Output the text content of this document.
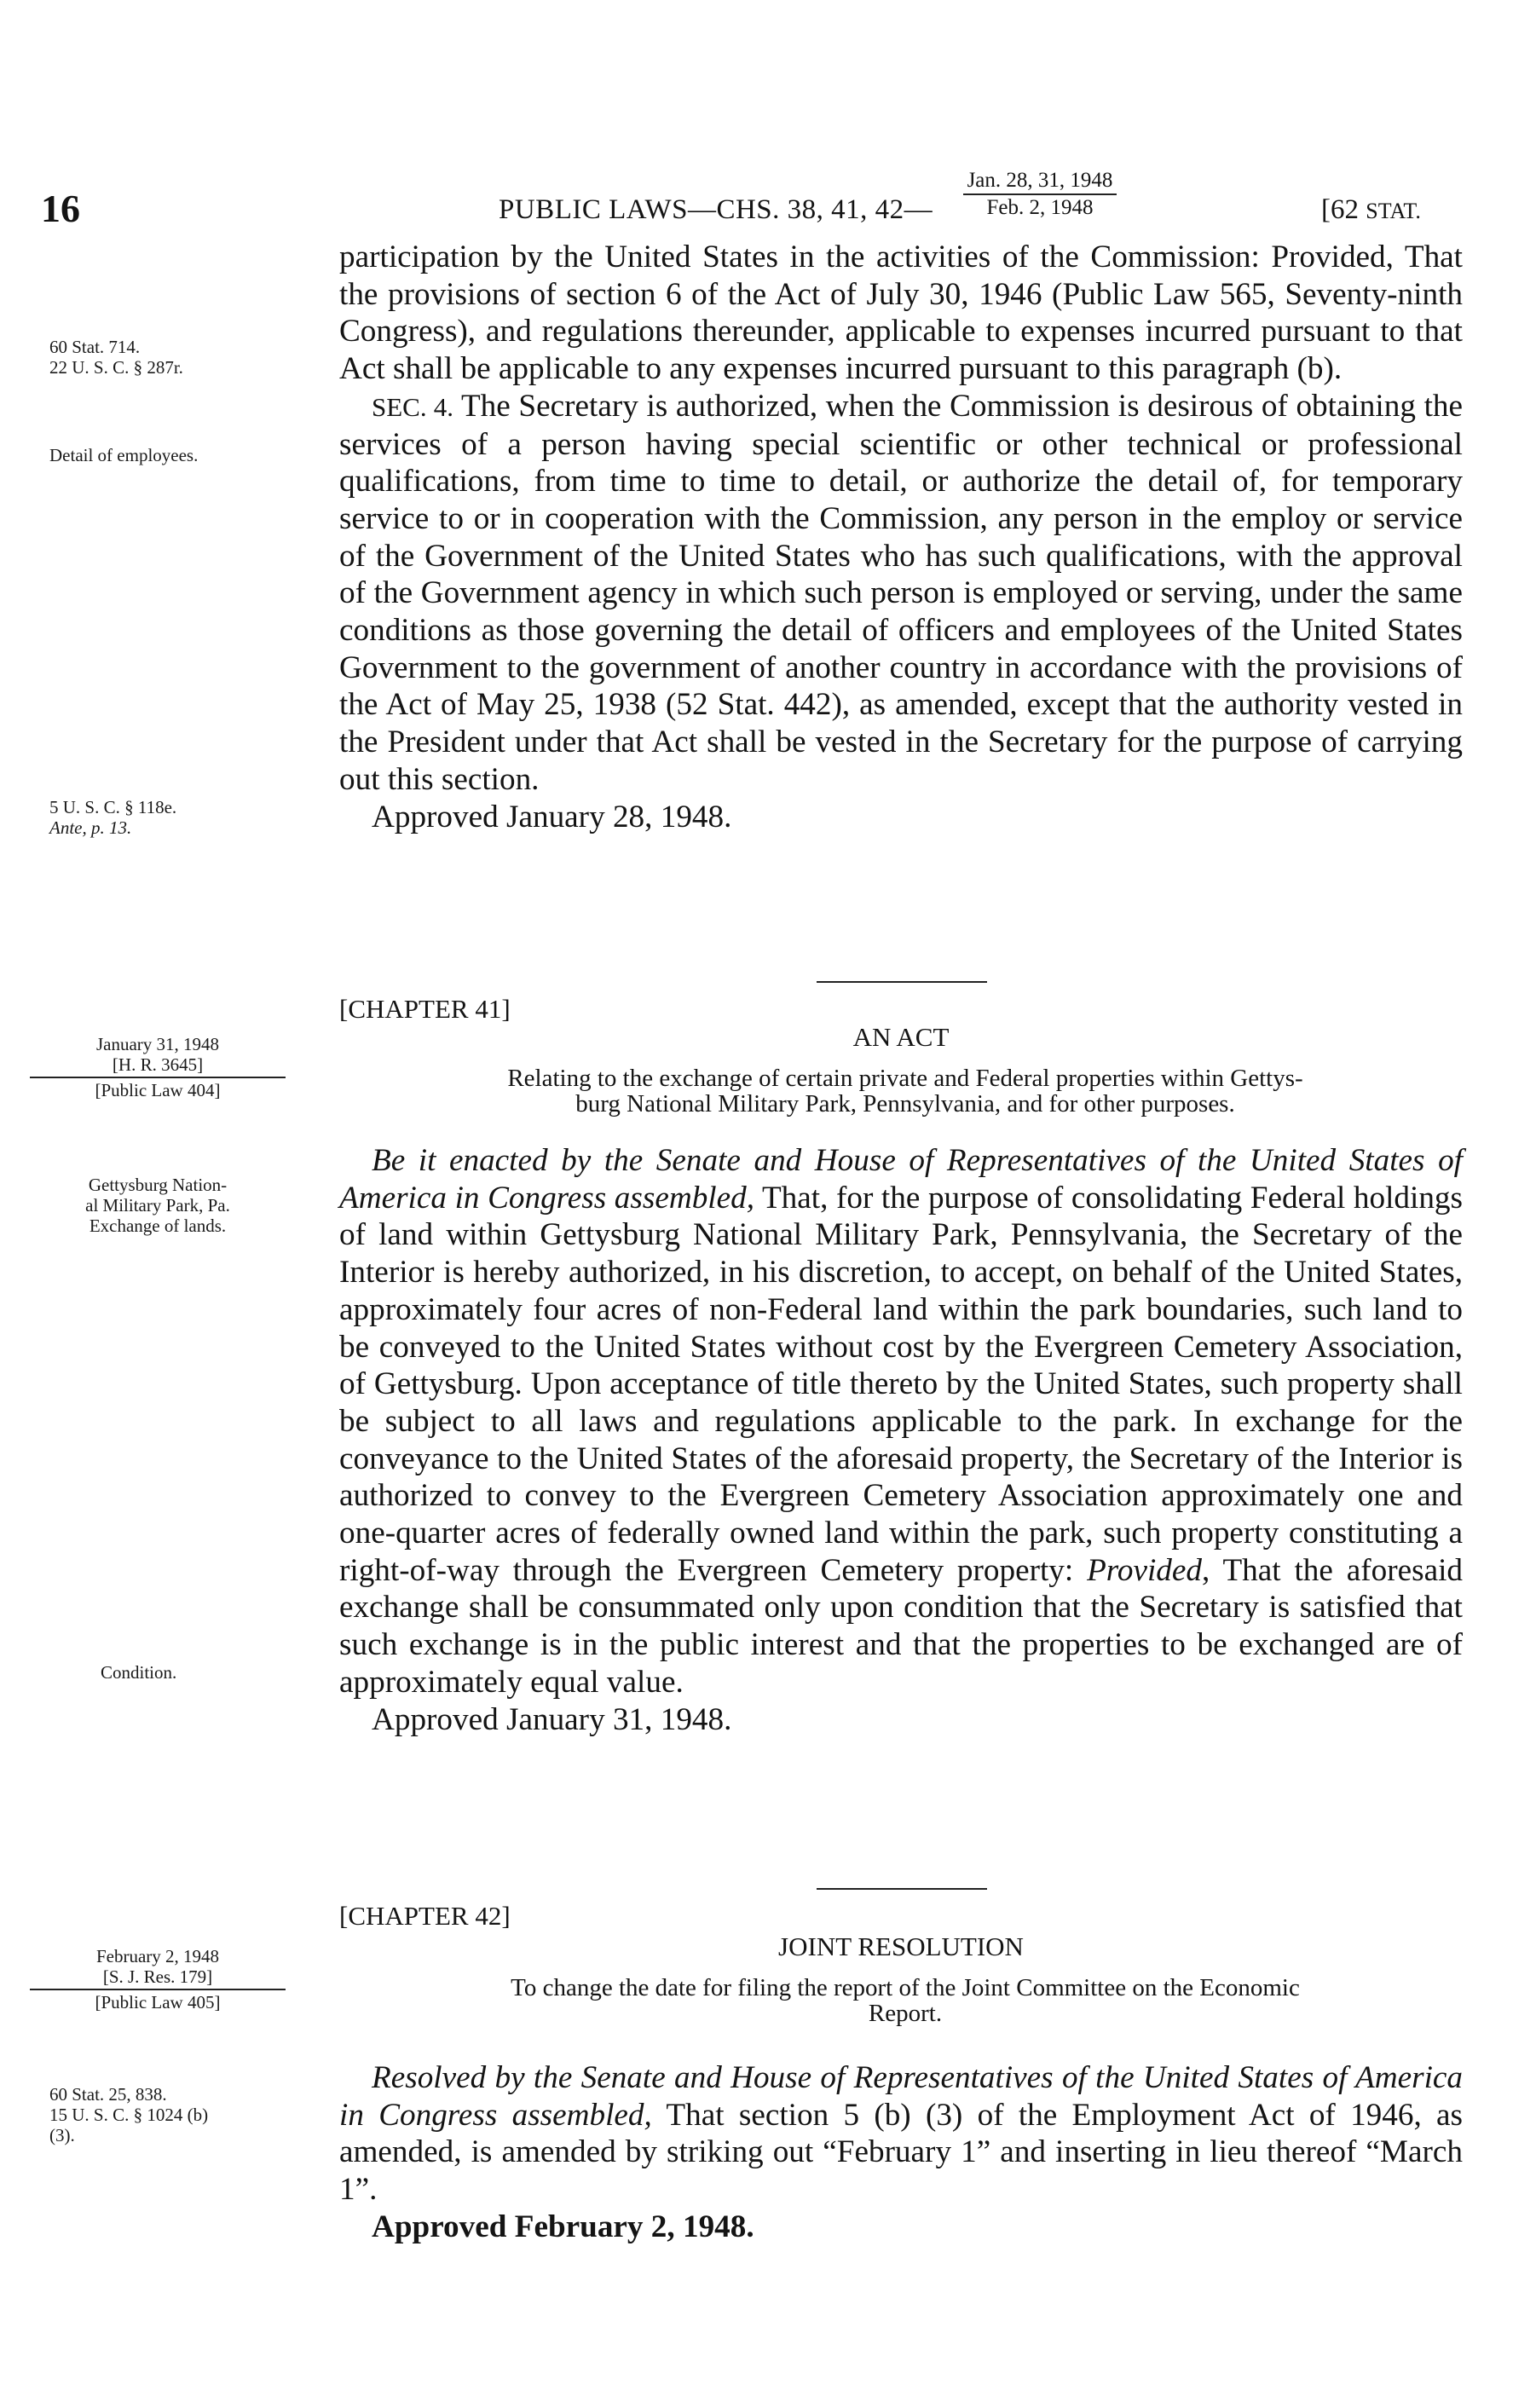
16	PUBLIC LAWS—CHS. 38, 41, 42—
Jan. 28, 31, 1948
Feb. 2, 1948	[62 STAT.
60 Stat. 714.
22 U. S. C. § 287r.
Detail of employees.
5 U. S. C. § 118e.
Ante, p. 13.

participation by the United States in the activities of the Commission: Provided, That the provisions of section 6 of the Act of July 30, 1946 (Public Law 565, Seventy-ninth Congress), and regulations thereunder, applicable to expenses incurred pursuant to that Act shall be applicable to any expenses incurred pursuant to this paragraph (b).

SEC. 4. The Secretary is authorized, when the Commission is desirous of obtaining the services of a person having special scientific or other technical or professional qualifications, from time to time to detail, or authorize the detail of, for temporary service to or in cooperation with the Commission, any person in the employ or service of the Government of the United States who has such qualifications, with the approval of the Government agency in which such person is employed or serving, under the same conditions as those governing the detail of officers and employees of the United States Government to the government of another country in accordance with the provisions of the Act of May 25, 1938 (52 Stat. 442), as amended, except that the authority vested in the President under that Act shall be vested in the Secretary for the purpose of carrying out this section.

Approved January 28, 1948.

[CHAPTER 41]
AN ACT
Relating to the exchange of certain private and Federal properties within Gettys-
burg National Military Park, Pennsylvania, and for other purposes.
January 31, 1948
[H. R. 3645]
[Public Law 404]
Gettysburg Nation-
al Military Park, Pa.
Exchange of lands.
Condition.

Be it enacted by the Senate and House of Representatives of the United States of America in Congress assembled, That, for the purpose of consolidating Federal holdings of land within Gettysburg National Military Park, Pennsylvania, the Secretary of the Interior is hereby authorized, in his discretion, to accept, on behalf of the United States, approximately four acres of non-Federal land within the park boundaries, such land to be conveyed to the United States without cost by the Evergreen Cemetery Association, of Gettysburg. Upon acceptance of title thereto by the United States, such property shall be subject to all laws and regulations applicable to the park. In exchange for the conveyance to the United States of the aforesaid property, the Secretary of the Interior is authorized to convey to the Evergreen Cemetery Association approximately one and one-quarter acres of federally owned land within the park, such property constituting a right-of-way through the Evergreen Cemetery property: Provided, That the aforesaid exchange shall be consummated only upon condition that the Secretary is satisfied that such exchange is in the public interest and that the properties to be exchanged are of approximately equal value.

Approved January 31, 1948.

[CHAPTER 42]
JOINT RESOLUTION
To change the date for filing the report of the Joint Committee on the Economic
Report.
February 2, 1948
[S. J. Res. 179]
[Public Law 405]
60 Stat. 25, 838.
15 U. S. C. § 1024 (b)
(3).

Resolved by the Senate and House of Representatives of the United States of America in Congress assembled, That section 5 (b) (3) of the Employment Act of 1946, as amended, is amended by striking out “February 1” and inserting in lieu thereof “March 1”.

Approved February 2, 1948.
